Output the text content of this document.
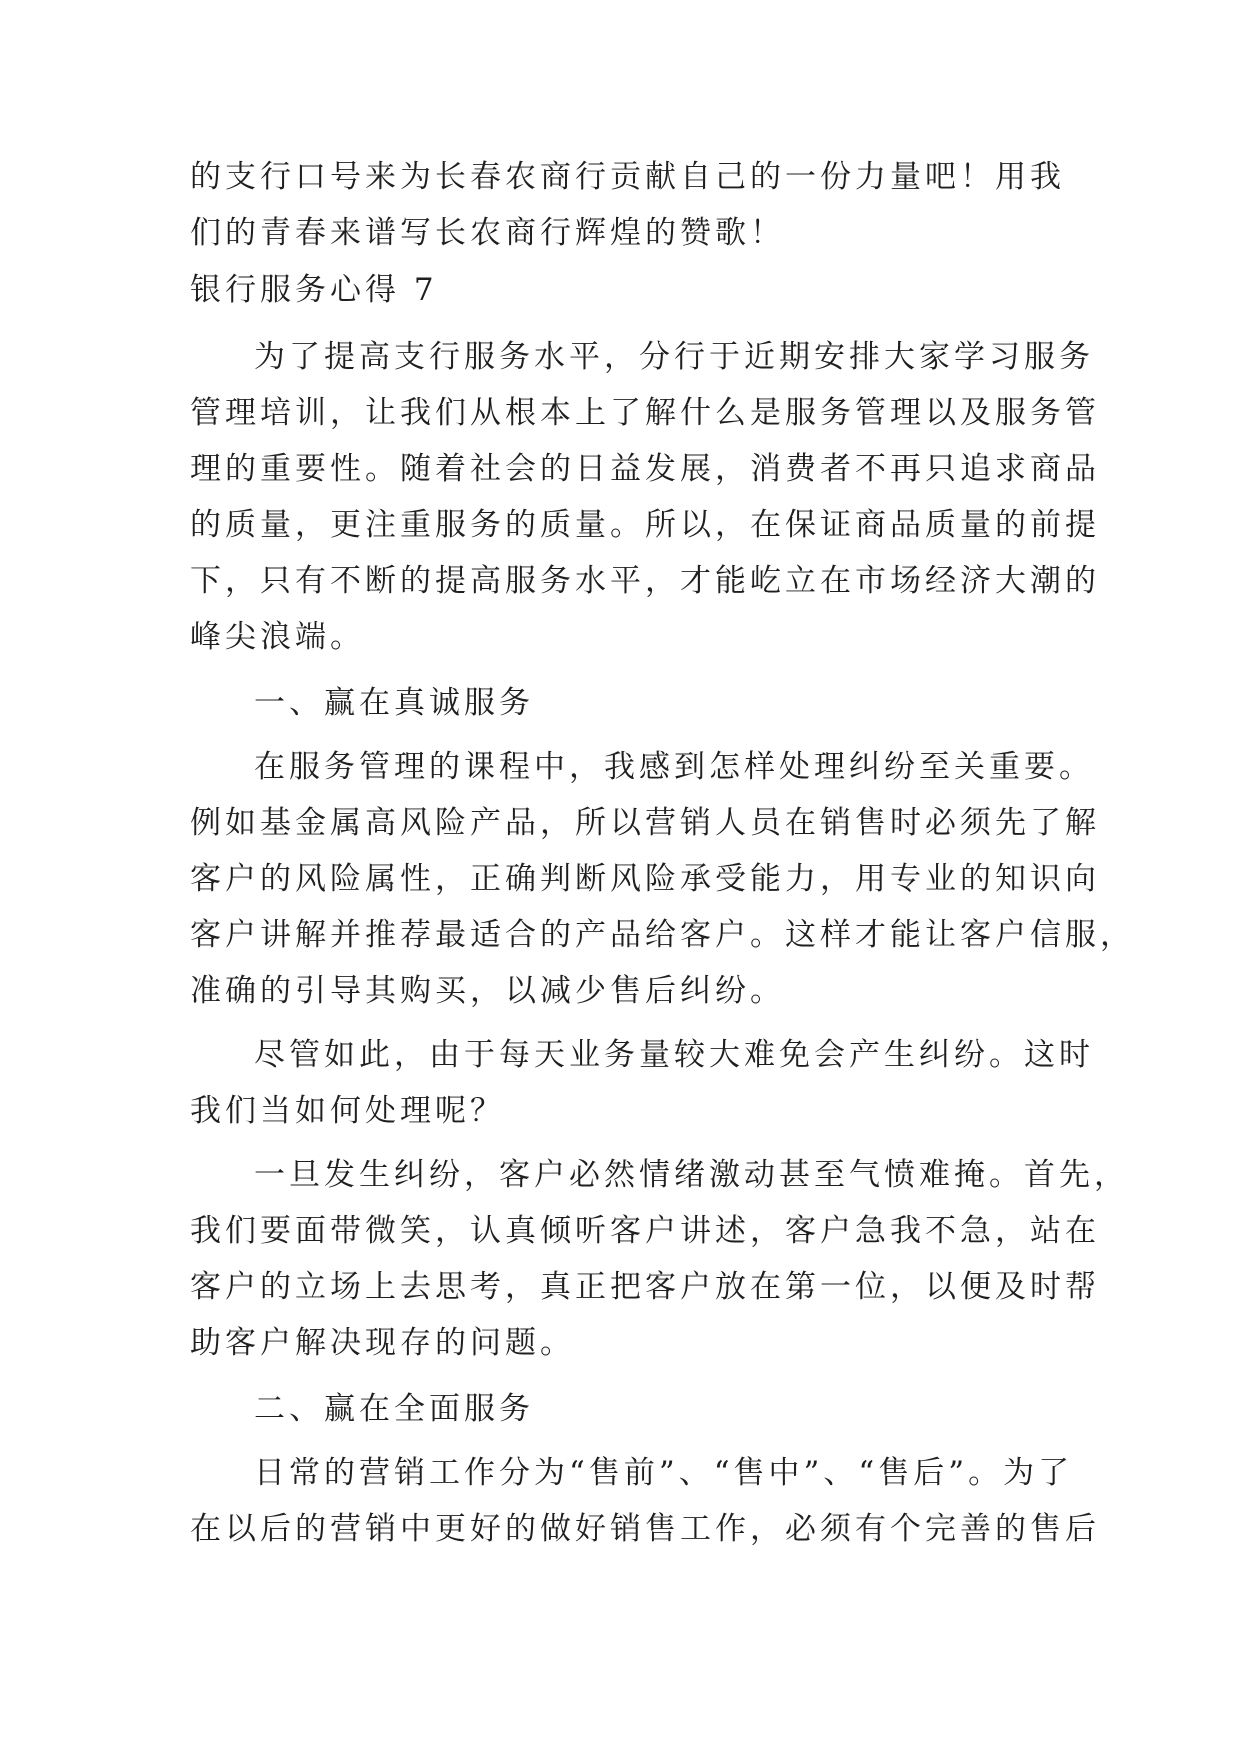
的支行口号来为长春农商行贡献自己的一份力量吧！用我
们的青春来谱写长农商行辉煌的赞歌！
银行服务心得 7
为了提高支行服务水平，分行于近期安排大家学习服务
管理培训，让我们从根本上了解什么是服务管理以及服务管
理的重要性。随着社会的日益发展，消费者不再只追求商品
的质量，更注重服务的质量。所以，在保证商品质量的前提
下，只有不断的提高服务水平，才能屹立在市场经济大潮的
峰尖浪端。
一、赢在真诚服务
在服务管理的课程中，我感到怎样处理纠纷至关重要。
例如基金属高风险产品，所以营销人员在销售时必须先了解
客户的风险属性，正确判断风险承受能力，用专业的知识向
客户讲解并推荐最适合的产品给客户。这样才能让客户信服，
准确的引导其购买，以减少售后纠纷。
尽管如此，由于每天业务量较大难免会产生纠纷。这时
我们当如何处理呢？
一旦发生纠纷，客户必然情绪激动甚至气愤难掩。首先，
我们要面带微笑，认真倾听客户讲述，客户急我不急，站在
客户的立场上去思考，真正把客户放在第一位，以便及时帮
助客户解决现存的问题。
二、赢在全面服务
日常的营销工作分为“售前”、“售中”、“售后”。为了
在以后的营销中更好的做好销售工作，必须有个完善的售后
